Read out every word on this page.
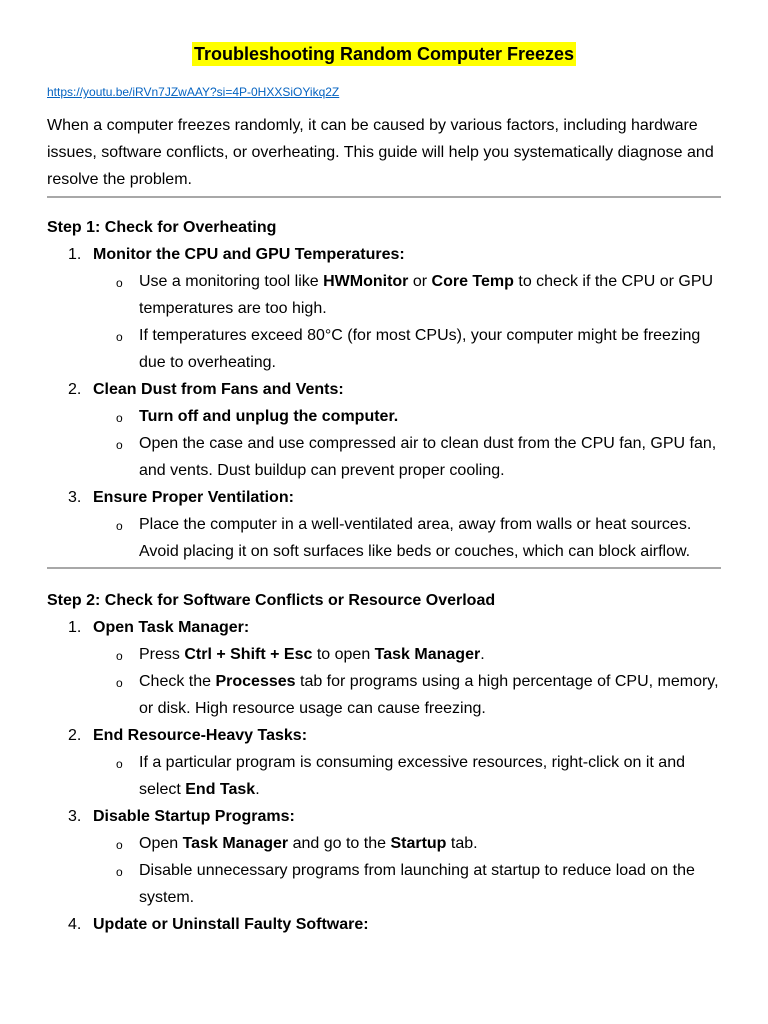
Troubleshooting Random Computer Freezes
https://youtu.be/iRVn7JZwAAY?si=4P-0HXXSiOYikq2Z
When a computer freezes randomly, it can be caused by various factors, including hardware issues, software conflicts, or overheating. This guide will help you systematically diagnose and resolve the problem.
Step 1: Check for Overheating
1. Monitor the CPU and GPU Temperatures:
o Use a monitoring tool like HWMonitor or Core Temp to check if the CPU or GPU temperatures are too high.
o If temperatures exceed 80°C (for most CPUs), your computer might be freezing due to overheating.
2. Clean Dust from Fans and Vents:
o Turn off and unplug the computer.
o Open the case and use compressed air to clean dust from the CPU fan, GPU fan, and vents. Dust buildup can prevent proper cooling.
3. Ensure Proper Ventilation:
o Place the computer in a well-ventilated area, away from walls or heat sources. Avoid placing it on soft surfaces like beds or couches, which can block airflow.
Step 2: Check for Software Conflicts or Resource Overload
1. Open Task Manager:
o Press Ctrl + Shift + Esc to open Task Manager.
o Check the Processes tab for programs using a high percentage of CPU, memory, or disk. High resource usage can cause freezing.
2. End Resource-Heavy Tasks:
o If a particular program is consuming excessive resources, right-click on it and select End Task.
3. Disable Startup Programs:
o Open Task Manager and go to the Startup tab.
o Disable unnecessary programs from launching at startup to reduce load on the system.
4. Update or Uninstall Faulty Software:
